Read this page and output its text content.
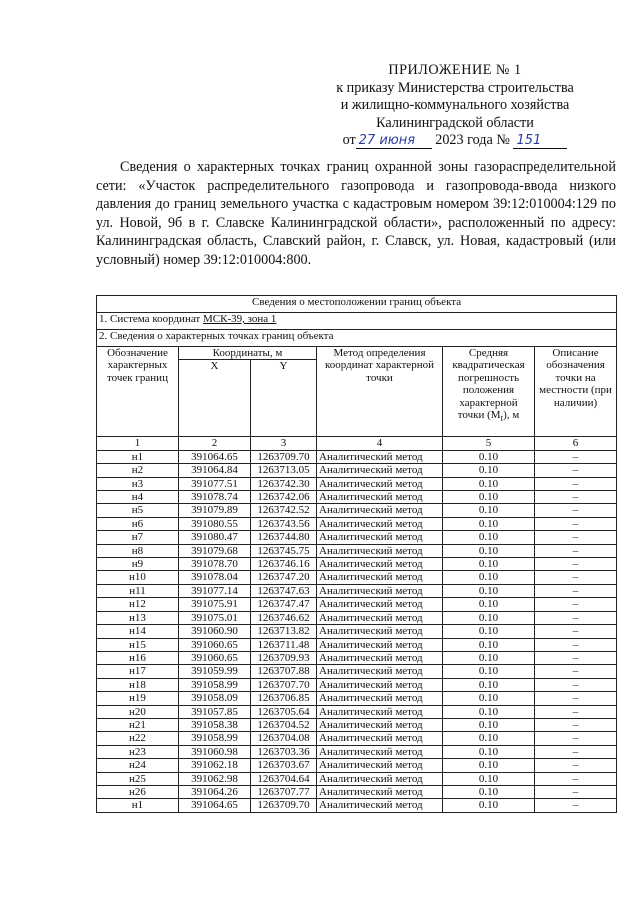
ПРИЛОЖЕНИЕ № 1
к приказу Министерства строительства
и жилищно-коммунального хозяйства
Калининградской области
от 27 июня 2023 года № 151
Сведения о характерных точках границ охранной зоны газораспределительной сети: «Участок распределительного газопровода и газопровода-ввода низкого давления до границ земельного участка с кадастровым номером 39:12:010004:129 по ул. Новой, 9б в г. Славске Калининградской области», расположенный по адресу: Калининградская область, Славский район, г. Славск, ул. Новая, кадастровый (или условный) номер 39:12:010004:800.
Сведения о местоположении границ объекта					
1. Система координат МСК-39, зона 1					
2. Сведения о характерных точках границ объекта					
Обозначение характерных точек границ	Координаты, м		Метод определения координат характерной точки	Средняя квадратическая погрешность положения характерной точки $(M_t)$, м	Описание обозначения точки на местности (при наличии)
	X	Y			
1	2	3	4	5	6
н1	391064.65	1263709.70	Аналитический метод	0.10	–
н2	391064.84	1263713.05	Аналитический метод	0.10	–
н3	391077.51	1263742.30	Аналитический метод	0.10	–
н4	391078.74	1263742.06	Аналитический метод	0.10	–
н5	391079.89	1263742.52	Аналитический метод	0.10	–
н6	391080.55	1263743.56	Аналитический метод	0.10	–
н7	391080.47	1263744.80	Аналитический метод	0.10	–
н8	391079.68	1263745.75	Аналитический метод	0.10	–
н9	391078.70	1263746.16	Аналитический метод	0.10	–
н10	391078.04	1263747.20	Аналитический метод	0.10	–
н11	391077.14	1263747.63	Аналитический метод	0.10	–
н12	391075.91	1263747.47	Аналитический метод	0.10	–
н13	391075.01	1263746.62	Аналитический метод	0.10	–
н14	391060.90	1263713.82	Аналитический метод	0.10	–
н15	391060.65	1263711.48	Аналитический метод	0.10	–
н16	391060.65	1263709.93	Аналитический метод	0.10	–
н17	391059.99	1263707.88	Аналитический метод	0.10	–
н18	391058.99	1263707.70	Аналитический метод	0.10	–
н19	391058.09	1263706.85	Аналитический метод	0.10	–
н20	391057.85	1263705.64	Аналитический метод	0.10	–
н21	391058.38	1263704.52	Аналитический метод	0.10	–
н22	391058.99	1263704.08	Аналитический метод	0.10	–
н23	391060.98	1263703.36	Аналитический метод	0.10	–
н24	391062.18	1263703.67	Аналитический метод	0.10	–
н25	391062.98	1263704.64	Аналитический метод	0.10	–
н26	391064.26	1263707.77	Аналитический метод	0.10	–
н1	391064.65	1263709.70	Аналитический метод	0.10	–
